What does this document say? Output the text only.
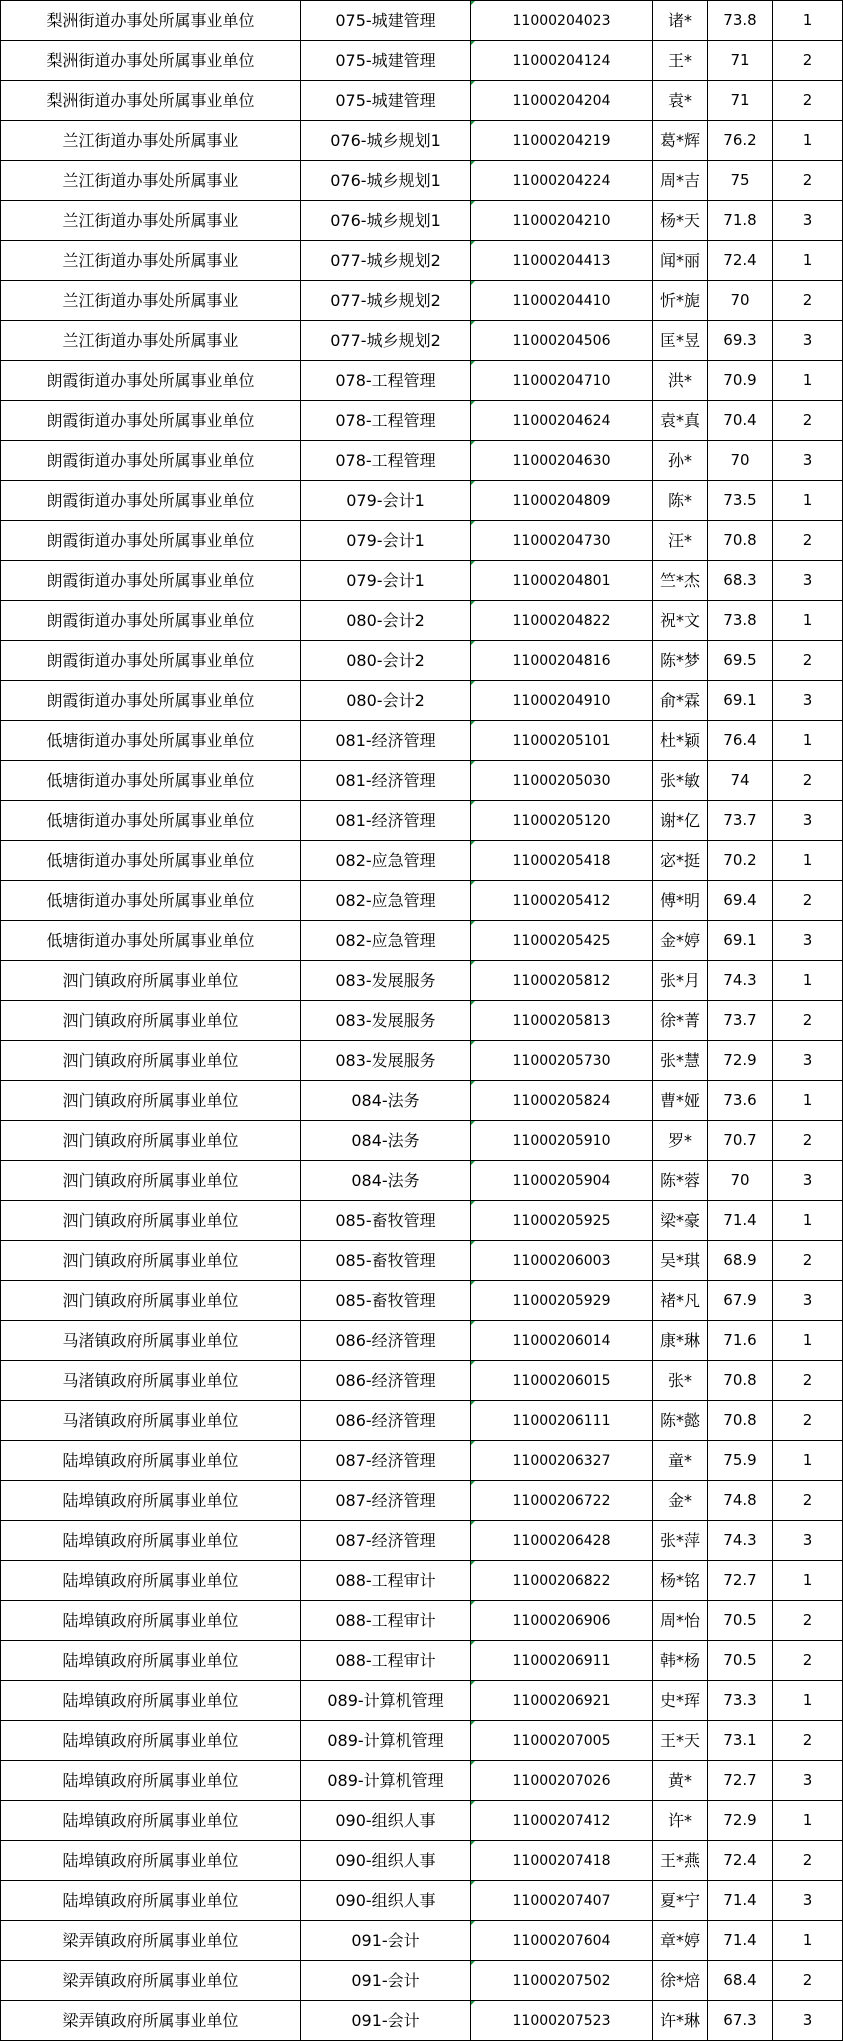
梨洲街道办事处所属事业单位	075-城建管理	11000204023	诸*	73.8	1
梨洲街道办事处所属事业单位	075-城建管理	11000204124	王*	71	2
梨洲街道办事处所属事业单位	075-城建管理	11000204204	袁*	71	2
兰江街道办事处所属事业	076-城乡规划1	11000204219	葛*辉	76.2	1
兰江街道办事处所属事业	076-城乡规划1	11000204224	周*吉	75	2
兰江街道办事处所属事业	076-城乡规划1	11000204210	杨*天	71.8	3
兰江街道办事处所属事业	077-城乡规划2	11000204413	闻*丽	72.4	1
兰江街道办事处所属事业	077-城乡规划2	11000204410	忻*旎	70	2
兰江街道办事处所属事业	077-城乡规划2	11000204506	匡*昱	69.3	3
朗霞街道办事处所属事业单位	078-工程管理	11000204710	洪*	70.9	1
朗霞街道办事处所属事业单位	078-工程管理	11000204624	袁*真	70.4	2
朗霞街道办事处所属事业单位	078-工程管理	11000204630	孙*	70	3
朗霞街道办事处所属事业单位	079-会计1	11000204809	陈*	73.5	1
朗霞街道办事处所属事业单位	079-会计1	11000204730	汪*	70.8	2
朗霞街道办事处所属事业单位	079-会计1	11000204801	竺*杰	68.3	3
朗霞街道办事处所属事业单位	080-会计2	11000204822	祝*文	73.8	1
朗霞街道办事处所属事业单位	080-会计2	11000204816	陈*梦	69.5	2
朗霞街道办事处所属事业单位	080-会计2	11000204910	俞*霖	69.1	3
低塘街道办事处所属事业单位	081-经济管理	11000205101	杜*颖	76.4	1
低塘街道办事处所属事业单位	081-经济管理	11000205030	张*敏	74	2
低塘街道办事处所属事业单位	081-经济管理	11000205120	谢*亿	73.7	3
低塘街道办事处所属事业单位	082-应急管理	11000205418	宓*挺	70.2	1
低塘街道办事处所属事业单位	082-应急管理	11000205412	傅*明	69.4	2
低塘街道办事处所属事业单位	082-应急管理	11000205425	金*婷	69.1	3
泗门镇政府所属事业单位	083-发展服务	11000205812	张*月	74.3	1
泗门镇政府所属事业单位	083-发展服务	11000205813	徐*菁	73.7	2
泗门镇政府所属事业单位	083-发展服务	11000205730	张*慧	72.9	3
泗门镇政府所属事业单位	084-法务	11000205824	曹*娅	73.6	1
泗门镇政府所属事业单位	084-法务	11000205910	罗*	70.7	2
泗门镇政府所属事业单位	084-法务	11000205904	陈*蓉	70	3
泗门镇政府所属事业单位	085-畜牧管理	11000205925	梁*豪	71.4	1
泗门镇政府所属事业单位	085-畜牧管理	11000206003	吴*琪	68.9	2
泗门镇政府所属事业单位	085-畜牧管理	11000205929	褚*凡	67.9	3
马渚镇政府所属事业单位	086-经济管理	11000206014	康*琳	71.6	1
马渚镇政府所属事业单位	086-经济管理	11000206015	张*	70.8	2
马渚镇政府所属事业单位	086-经济管理	11000206111	陈*懿	70.8	2
陆埠镇政府所属事业单位	087-经济管理	11000206327	童*	75.9	1
陆埠镇政府所属事业单位	087-经济管理	11000206722	金*	74.8	2
陆埠镇政府所属事业单位	087-经济管理	11000206428	张*萍	74.3	3
陆埠镇政府所属事业单位	088-工程审计	11000206822	杨*铭	72.7	1
陆埠镇政府所属事业单位	088-工程审计	11000206906	周*怡	70.5	2
陆埠镇政府所属事业单位	088-工程审计	11000206911	韩*杨	70.5	2
陆埠镇政府所属事业单位	089-计算机管理	11000206921	史*珲	73.3	1
陆埠镇政府所属事业单位	089-计算机管理	11000207005	王*天	73.1	2
陆埠镇政府所属事业单位	089-计算机管理	11000207026	黄*	72.7	3
陆埠镇政府所属事业单位	090-组织人事	11000207412	许*	72.9	1
陆埠镇政府所属事业单位	090-组织人事	11000207418	王*燕	72.4	2
陆埠镇政府所属事业单位	090-组织人事	11000207407	夏*宁	71.4	3
梁弄镇政府所属事业单位	091-会计	11000207604	章*婷	71.4	1
梁弄镇政府所属事业单位	091-会计	11000207502	徐*焙	68.4	2
梁弄镇政府所属事业单位	091-会计	11000207523	许*琳	67.3	3
